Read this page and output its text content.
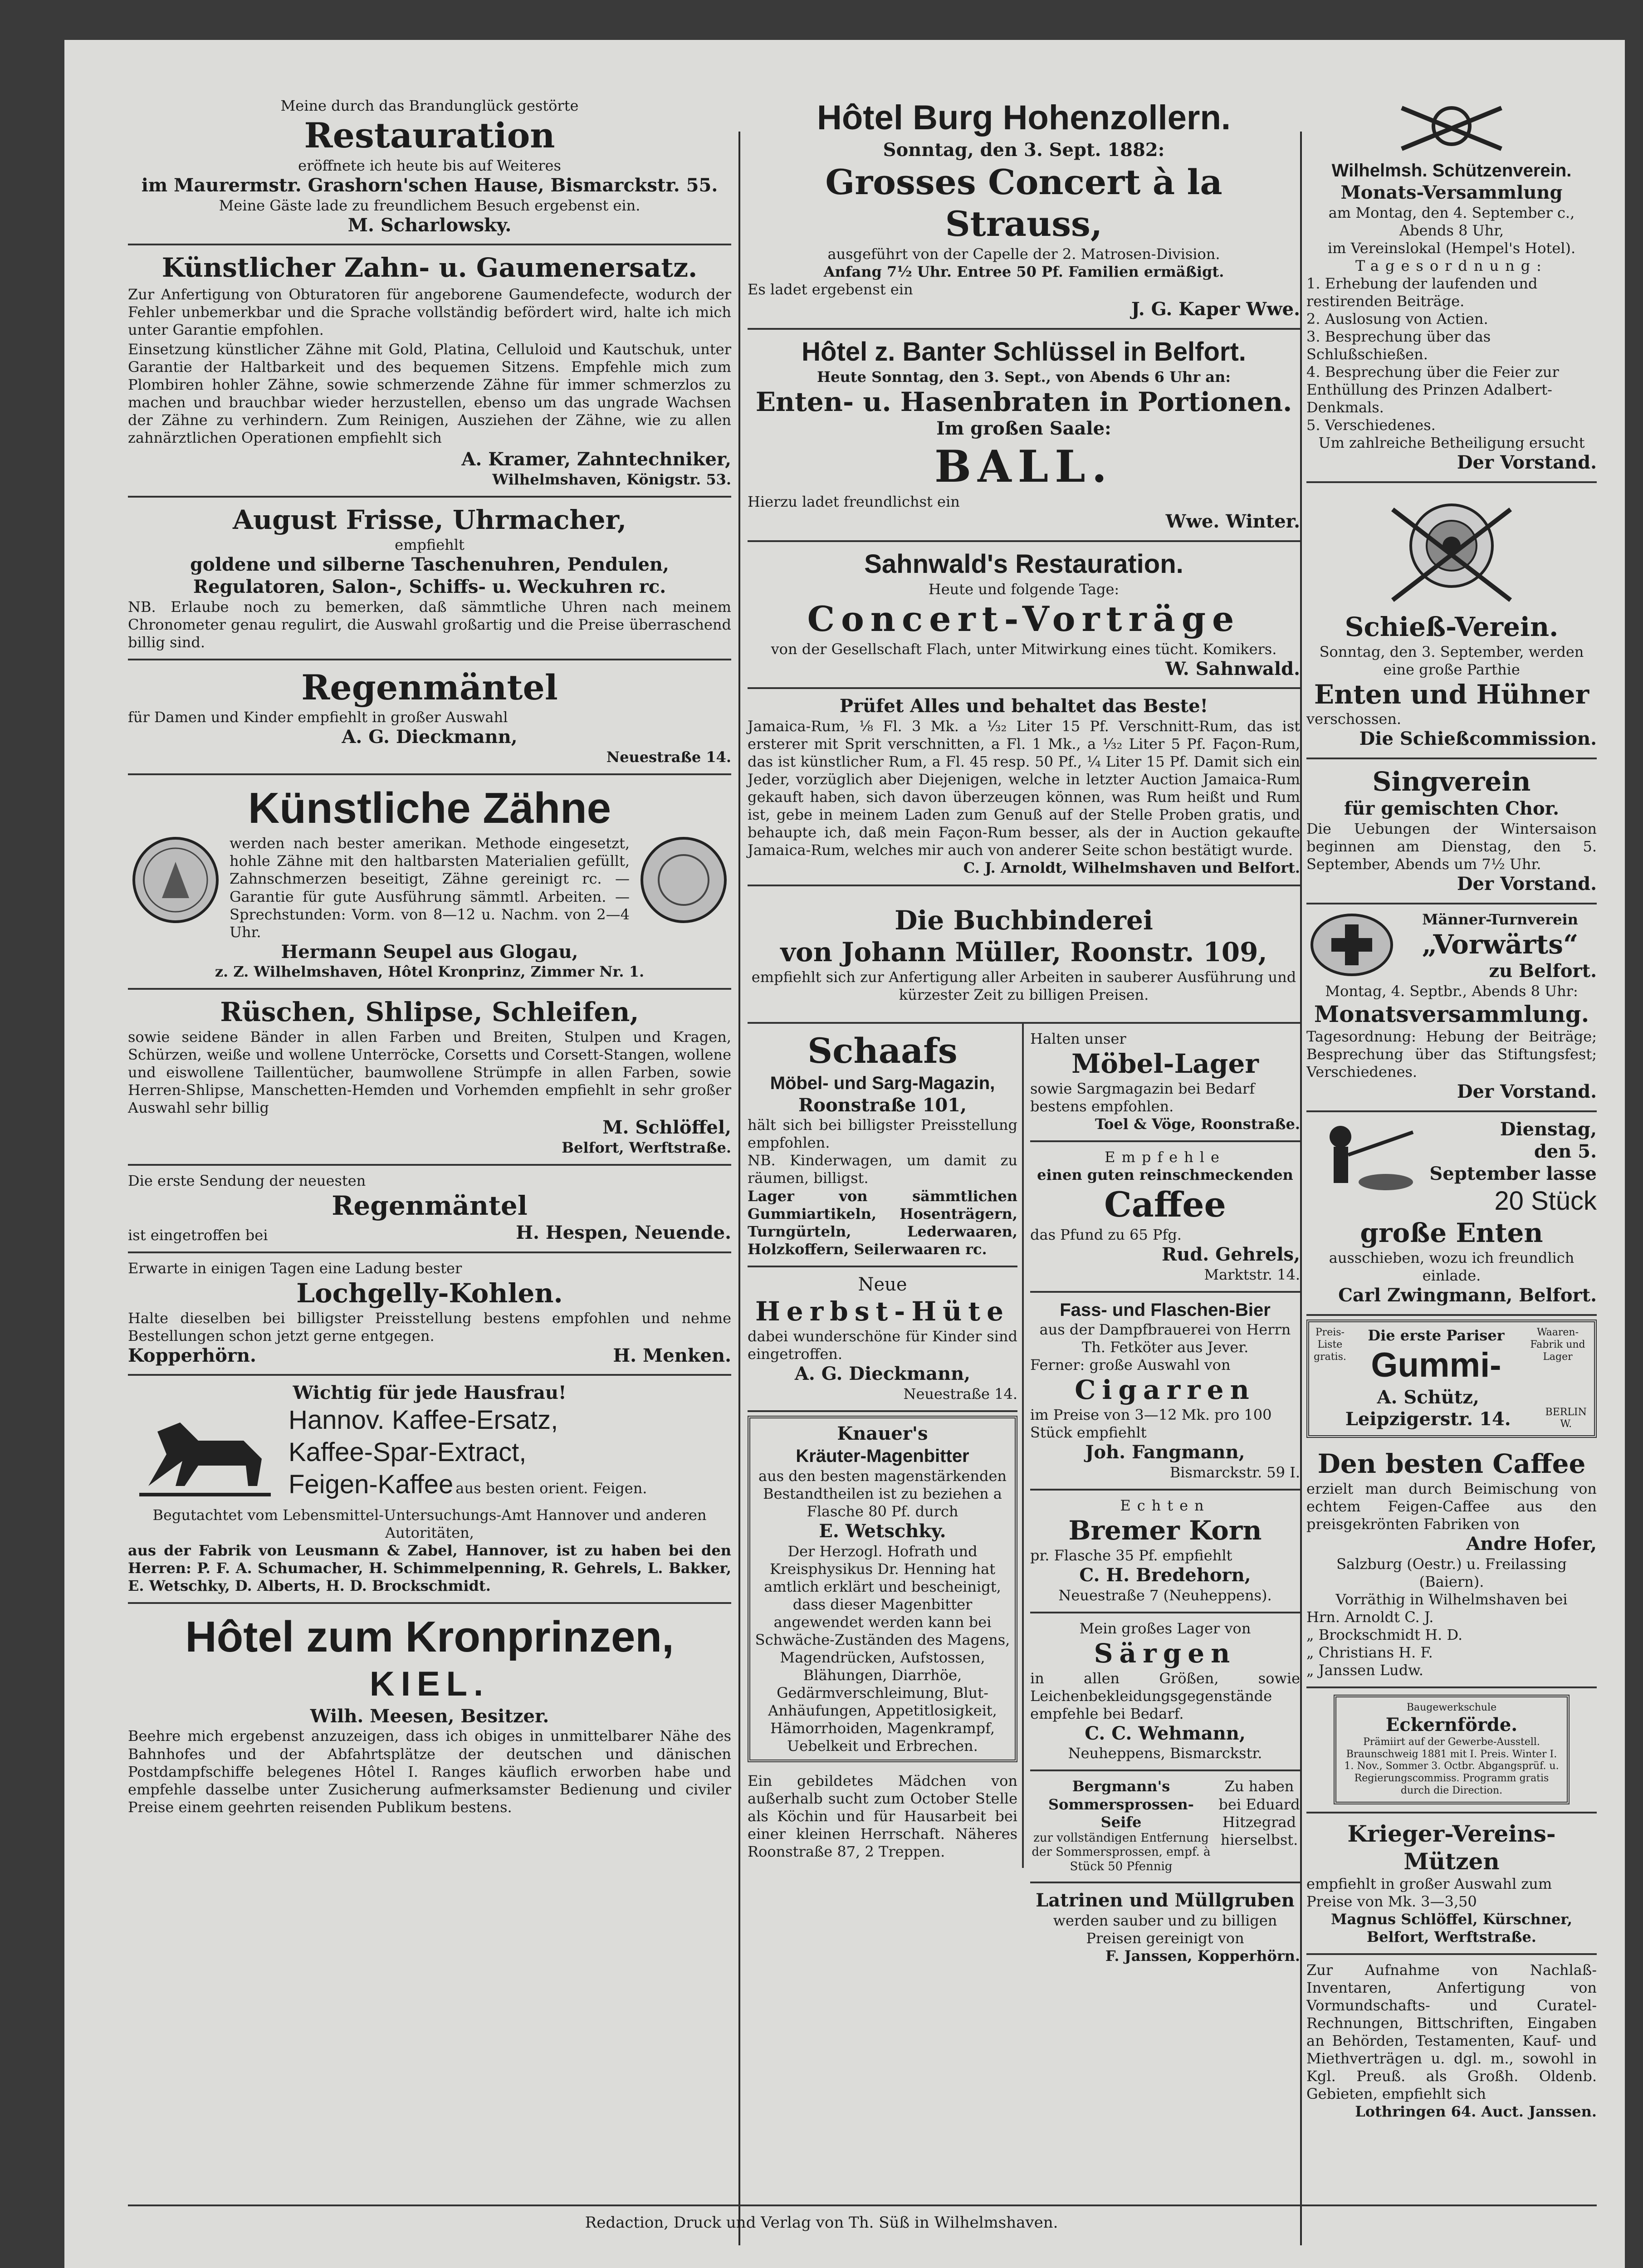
Meine durch das Brandunglück gestörte
Restauration
eröffnete ich heute bis auf Weiteres
im Maurermstr. Grashorn'schen Hause, Bismarckstr. 55.
Meine Gäste lade zu freundlichem Besuch ergebenst ein.
M. Scharlowsky.
Künstlicher Zahn- u. Gaumenersatz.
Zur Anfertigung von Obturatoren für angeborene Gaumendefecte, wodurch der Fehler unbemerkbar und die Sprache vollständig befördert wird, halte ich mich unter Garantie empfohlen.
Einsetzung künstlicher Zähne mit Gold, Platina, Celluloid und Kautschuk, unter Garantie der Haltbarkeit und des bequemen Sitzens. Empfehle mich zum Plombiren hohler Zähne, sowie schmerzende Zähne für immer schmerzlos zu machen und brauchbar wieder herzustellen, ebenso um das ungrade Wachsen der Zähne zu verhindern. Zum Reinigen, Ausziehen der Zähne, wie zu allen zahnärztlichen Operationen empfiehlt sich
A. Kramer, Zahntechniker,
Wilhelmshaven, Königstr. 53.
August Frisse, Uhrmacher,
empfiehlt
goldene und silberne Taschenuhren, Pendulen,
Regulatoren, Salon-, Schiffs- u. Weckuhren rc.
NB. Erlaube noch zu bemerken, daß sämmtliche Uhren nach meinem Chronometer genau regulirt, die Auswahl großartig und die Preise überraschend billig sind.
Regenmäntel
für Damen und Kinder empfiehlt in großer Auswahl
A. G. Dieckmann,
Neuestraße 14.
Künstliche Zähne
werden nach bester amerikan. Methode eingesetzt, hohle Zähne mit den haltbarsten Materialien gefüllt, Zahnschmerzen beseitigt, Zähne gereinigt rc. — Garantie für gute Ausführung sämmtl. Arbeiten. — Sprechstunden: Vorm. von 8—12 u. Nachm. von 2—4 Uhr.
Hermann Seupel aus Glogau,
z. Z. Wilhelmshaven, Hôtel Kronprinz, Zimmer Nr. 1.
Rüschen, Shlipse, Schleifen,
sowie seidene Bänder in allen Farben und Breiten, Stulpen und Kragen, Schürzen, weiße und wollene Unterröcke, Corsetts und Corsett-Stangen, wollene und eiswollene Taillentücher, baumwollene Strümpfe in allen Farben, sowie Herren-Shlipse, Manschetten-Hemden und Vorhemden empfiehlt in sehr großer Auswahl sehr billig
M. Schlöffel,
Belfort, Werftstraße.
Die erste Sendung der neuesten
Regenmäntel
ist eingetroffen bei	H. Hespen, Neuende.
Erwarte in einigen Tagen eine Ladung bester
Lochgelly-Kohlen.
Halte dieselben bei billigster Preisstellung bestens empfohlen und nehme Bestellungen schon jetzt gerne entgegen.
Kopperhörn.	H. Menken.
Wichtig für jede Hausfrau!
Hannov. Kaffee-Ersatz,
Kaffee-Spar-Extract,
Feigen-Kaffee aus besten orient. Feigen.
Begutachtet vom Lebensmittel-Untersuchungs-Amt Hannover und anderen Autoritäten,
aus der Fabrik von Leusmann & Zabel, Hannover, ist zu haben bei den Herren: P. F. A. Schumacher, H. Schimmelpenning, R. Gehrels, L. Bakker, E. Wetschky, D. Alberts, H. D. Brockschmidt.
Hôtel zum Kronprinzen,
KIEL.
Wilh. Meesen, Besitzer.
Beehre mich ergebenst anzuzeigen, dass ich obiges in unmittelbarer Nähe des Bahnhofes und der Abfahrtsplätze der deutschen und dänischen Postdampfschiffe belegenes Hôtel I. Ranges käuflich erworben habe und empfehle dasselbe unter Zusicherung aufmerksamster Bedienung und civiler Preise einem geehrten reisenden Publikum bestens.
Hôtel Burg Hohenzollern.
Sonntag, den 3. Sept. 1882:
Grosses Concert à la Strauss,
ausgeführt von der Capelle der 2. Matrosen-Division.
Anfang 7½ Uhr. Entree 50 Pf. Familien ermäßigt.
Es ladet ergebenst ein
J. G. Kaper Wwe.
Hôtel z. Banter Schlüssel in Belfort.
Heute Sonntag, den 3. Sept., von Abends 6 Uhr an:
Enten- u. Hasenbraten in Portionen.
Im großen Saale:
BALL.
Hierzu ladet freundlichst ein
Wwe. Winter.
Sahnwald's Restauration.
Heute und folgende Tage:
Concert-Vorträge
von der Gesellschaft Flach, unter Mitwirkung eines tücht. Komikers.
W. Sahnwald.
Prüfet Alles und behaltet das Beste!
Jamaica-Rum, ⅛ Fl. 3 Mk. a ⅓₂ Liter 15 Pf. Verschnitt-Rum, das ist ersterer mit Sprit verschnitten, a Fl. 1 Mk., a ⅓₂ Liter 5 Pf. Façon-Rum, das ist künstlicher Rum, a Fl. 45 resp. 50 Pf., ¼ Liter 15 Pf. Damit sich ein Jeder, vorzüglich aber Diejenigen, welche in letzter Auction Jamaica-Rum gekauft haben, sich davon überzeugen können, was Rum heißt und Rum ist, gebe in meinem Laden zum Genuß auf der Stelle Proben gratis, und behaupte ich, daß mein Façon-Rum besser, als der in Auction gekaufte Jamaica-Rum, welches mir auch von anderer Seite schon bestätigt wurde.
C. J. Arnoldt, Wilhelmshaven und Belfort.
Die Buchbinderei
von Johann Müller, Roonstr. 109,
empfiehlt sich zur Anfertigung aller Arbeiten in sauberer Ausführung und kürzester Zeit zu billigen Preisen.
Schaafs
Möbel- und Sarg-Magazin,
Roonstraße 101,
hält sich bei billigster Preisstellung empfohlen.
NB. Kinderwagen, um damit zu räumen, billigst.
Lager von sämmtlichen Gummiartikeln, Hosenträgern, Turngürteln, Lederwaaren, Holzkoffern, Seilerwaaren rc.
Neue
Herbst-Hüte
dabei wunderschöne für Kinder sind eingetroffen.
A. G. Dieckmann,
Neuestraße 14.
Knauer's
Kräuter-Magenbitter
aus den besten magenstärkenden Bestandtheilen ist zu beziehen a Flasche 80 Pf. durch
E. Wetschky.
Der Herzogl. Hofrath und Kreisphysikus Dr. Henning hat amtlich erklärt und bescheinigt, dass dieser Magenbitter angewendet werden kann bei Schwäche-Zuständen des Magens, Magendrücken, Aufstossen, Blähungen, Diarrhöe, Gedärmverschleimung, Blut-Anhäufungen, Appetitlosigkeit, Hämorrhoiden, Magenkrampf, Uebelkeit und Erbrechen.
Ein gebildetes Mädchen von außerhalb sucht zum October Stelle als Köchin und für Hausarbeit bei einer kleinen Herrschaft. Näheres Roonstraße 87, 2 Treppen.
Halten unser
Möbel-Lager
sowie Sargmagazin bei Bedarf bestens empfohlen.
Toel & Vöge, Roonstraße.
Empfehle
einen guten reinschmeckenden
Caffee
das Pfund zu 65 Pfg.
Rud. Gehrels,
Marktstr. 14.
Fass- und Flaschen-Bier
aus der Dampfbrauerei von Herrn Th. Fetköter aus Jever.
Ferner: große Auswahl von
Cigarren
im Preise von 3—12 Mk. pro 100 Stück empfiehlt
Joh. Fangmann,
Bismarckstr. 59 I.
Echten
Bremer Korn
pr. Flasche 35 Pf. empfiehlt
C. H. Bredehorn,
Neuestraße 7 (Neuheppens).
Mein großes Lager von
Särgen
in allen Größen, sowie Leichenbekleidungsgegenstände empfehle bei Bedarf.
C. C. Wehmann,
Neuheppens, Bismarckstr.
Bergmann's Sommersprossen-Seife
zur vollständigen Entfernung der Sommersprossen, empf. à Stück 50 Pfennig
Zu haben bei Eduard Hitzegrad hierselbst.
Latrinen und Müllgruben
werden sauber und zu billigen Preisen gereinigt von
F. Janssen, Kopperhörn.
Wilhelmsh. Schützenverein.
Monats-Versammlung
am Montag, den 4. September c., Abends 8 Uhr,
im Vereinslokal (Hempel's Hotel).
Tagesordnung:
1. Erhebung der laufenden und restirenden Beiträge.
2. Auslosung von Actien.
3. Besprechung über das Schlußschießen.
4. Besprechung über die Feier zur Enthüllung des Prinzen Adalbert-Denkmals.
5. Verschiedenes.
Um zahlreiche Betheiligung ersucht
Der Vorstand.
Schieß-Verein.
Sonntag, den 3. September, werden eine große Parthie
Enten und Hühner
verschossen.
Die Schießcommission.
Singverein
für gemischten Chor.
Die Uebungen der Wintersaison beginnen am Dienstag, den 5. September, Abends um 7½ Uhr.
Der Vorstand.
Männer-Turnverein
„Vorwärts“
zu Belfort.
Montag, 4. Septbr., Abends 8 Uhr:
Monatsversammlung.
Tagesordnung: Hebung der Beiträge; Besprechung über das Stiftungsfest; Verschiedenes.
Der Vorstand.
Dienstag,
den 5. September lasse
20 Stück
große Enten
ausschieben, wozu ich freundlich einlade.
Carl Zwingmann, Belfort.
Preis-Liste gratis.
Die erste Pariser
Gummi-
Waaren-Fabrik und Lager
A. Schütz, Leipzigerstr. 14.	BERLIN W.
Den besten Caffee
erzielt man durch Beimischung von echtem Feigen-Caffee aus den preisgekrönten Fabriken von
Andre Hofer,
Salzburg (Oestr.) u. Freilassing (Baiern).
Vorräthig in Wilhelmshaven bei
Hrn. Arnoldt C. J.
„ Brockschmidt H. D.
„ Christians H. F.
„ Janssen Ludw.
Baugewerkschule
Eckernförde.
Prämiirt auf der Gewerbe-Ausstell. Braunschweig 1881 mit I. Preis. Winter I. 1. Nov., Sommer 3. Octbr. Abgangsprüf. u. Regierungscommiss. Programm gratis durch die Direction.
Krieger-Vereins-Mützen
empfiehlt in großer Auswahl zum Preise von Mk. 3—3,50
Magnus Schlöffel, Kürschner,
Belfort, Werftstraße.
Zur Aufnahme von Nachlaß-Inventaren, Anfertigung von Vormundschafts- und Curatel-Rechnungen, Bittschriften, Eingaben an Behörden, Testamenten, Kauf- und Miethverträgen u. dgl. m., sowohl in Kgl. Preuß. als Großh. Oldenb. Gebieten, empfiehlt sich
Lothringen 64. Auct. Janssen.
Redaction, Druck und Verlag von Th. Süß in Wilhelmshaven.
